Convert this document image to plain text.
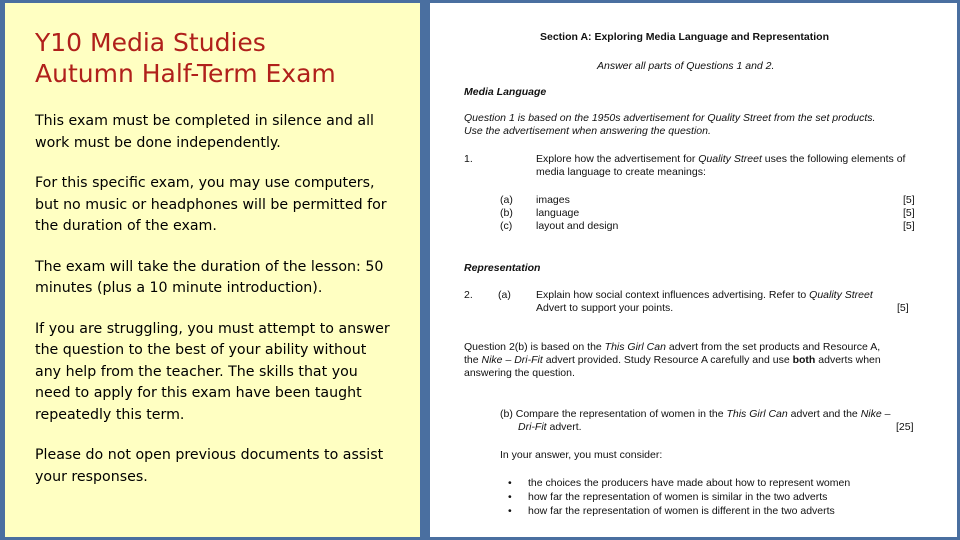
Y10 Media Studies
Autumn Half-Term Exam

This exam must be completed in silence and all work must be done independently.

For this specific exam, you may use computers, but no music or headphones will be permitted for the duration of the exam.

The exam will take the duration of the lesson: 50 minutes (plus a 10 minute introduction).

If you are struggling, you must attempt to answer the question to the best of your ability without any help from the teacher. The skills that you need to apply for this exam have been taught repeatedly this term.

Please do not open previous documents to assist your responses.

Section A: Exploring Media Language and Representation
Answer all parts of Questions 1 and 2.
Media Language
Question 1 is based on the 1950s advertisement for Quality Street from the set products.
Use the advertisement when answering the question.
1.	Explore how the advertisement for Quality Street uses the following elements of
media language to create meanings:
(a) images	[5]
(b) language	[5]
(c) layout and design	[5]
Representation
2. (a) Explain how social context influences advertising. Refer to Quality Street
Advert to support your points.	[5]
Question 2(b) is based on the This Girl Can advert from the set products and Resource A,
the Nike – Dri-Fit advert provided. Study Resource A carefully and use both adverts when
answering the question.
(b) Compare the representation of women in the This Girl Can advert and the Nike –
Dri-Fit advert.	[25]
In your answer, you must consider:
• the choices the producers have made about how to represent women
• how far the representation of women is similar in the two adverts
• how far the representation of women is different in the two adverts
